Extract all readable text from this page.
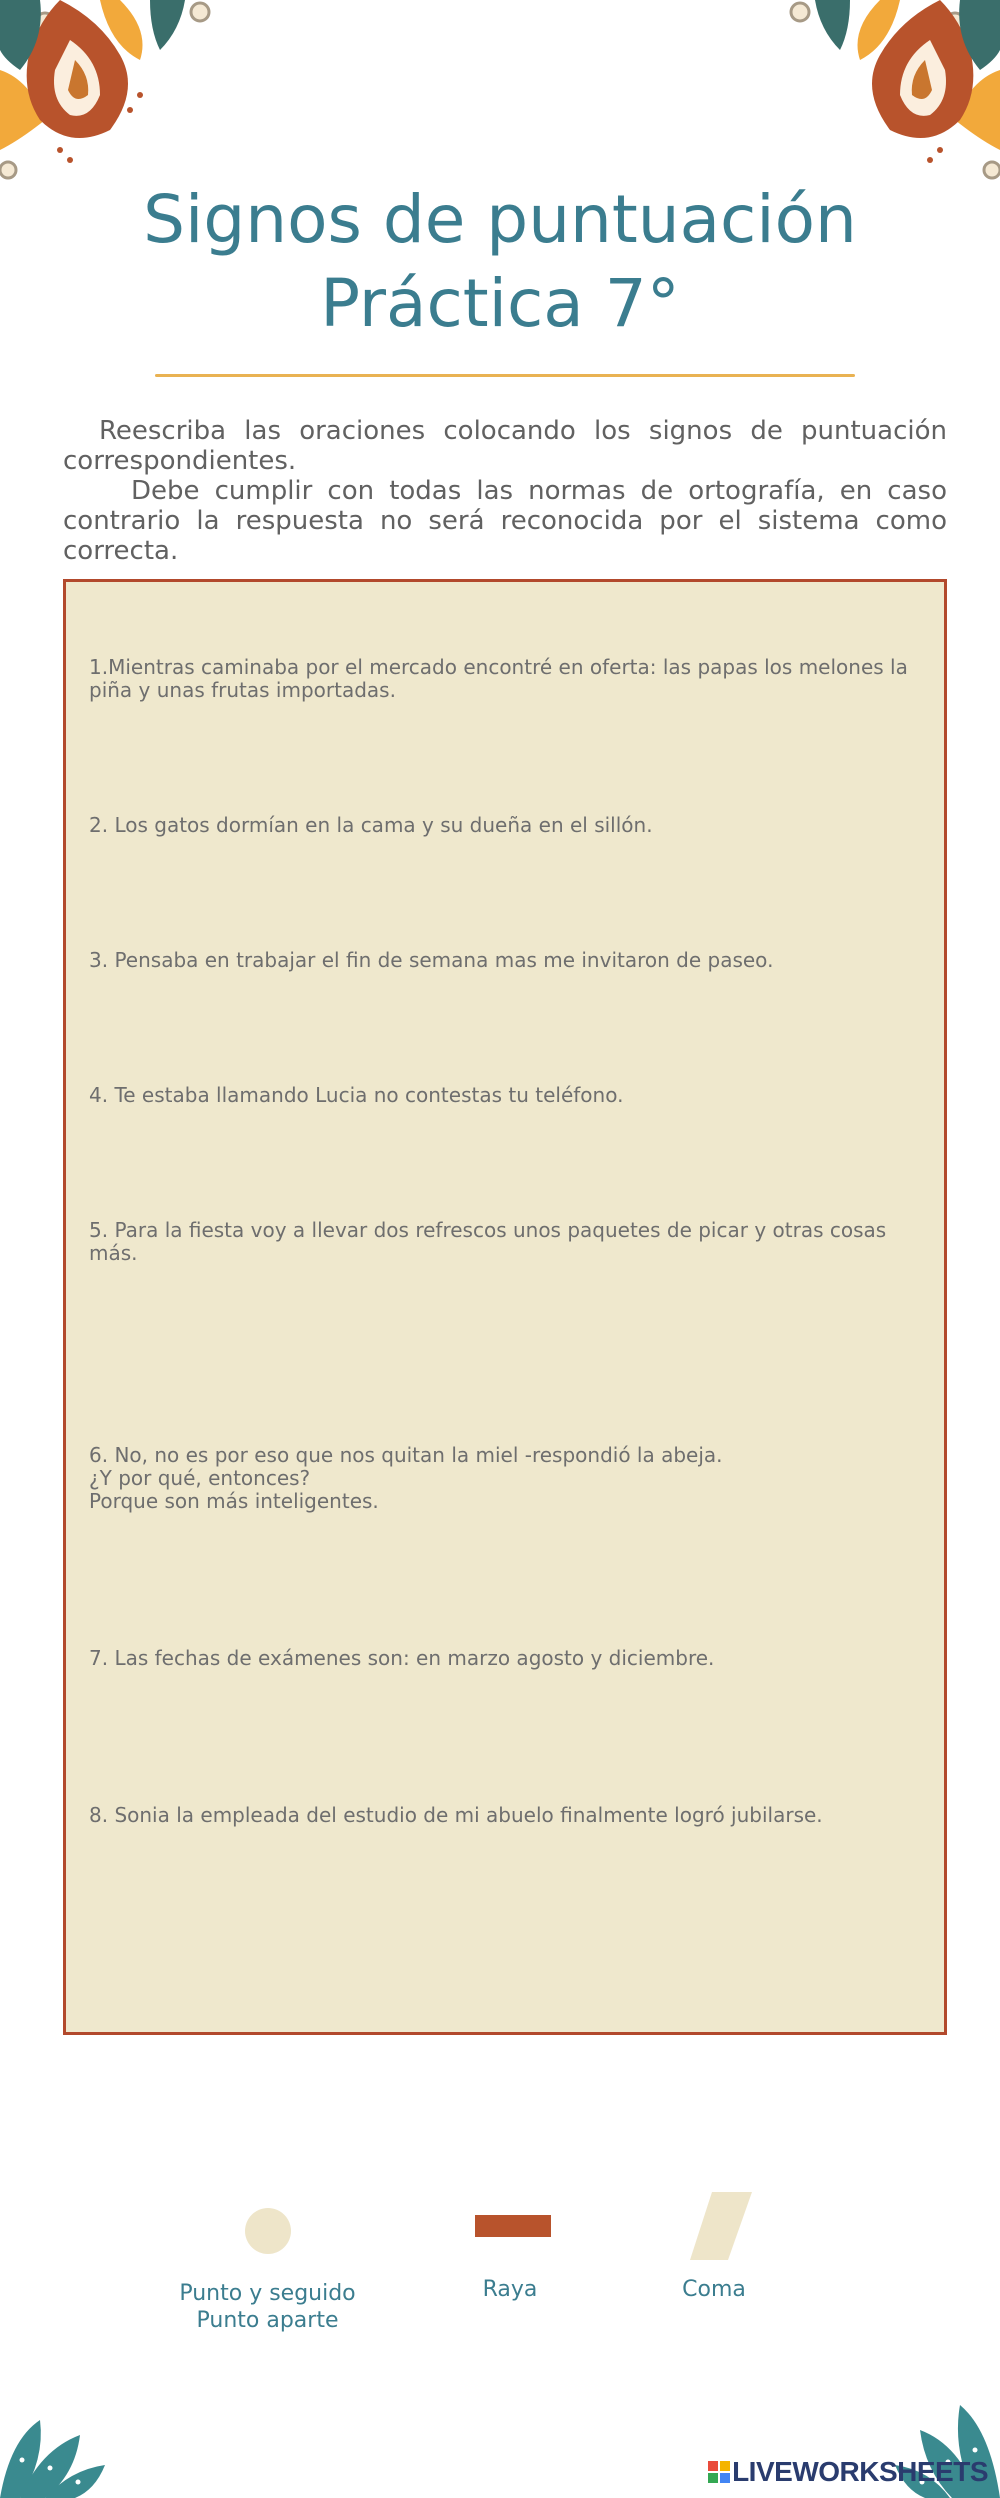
Signos de puntuación
Práctica 7°
Reescriba las oraciones colocando los signos de puntuación correspondientes.
Debe cumplir con todas las normas de ortografía, en caso contrario la respuesta no será reconocida por el sistema como correcta.
1.Mientras caminaba por el mercado encontré en oferta: las papas los melones la piña y unas frutas importadas.
2. Los gatos dormían en la cama y su dueña en el sillón.
3. Pensaba en trabajar el fin de semana mas me invitaron de paseo.
4. Te estaba llamando Lucia no contestas tu teléfono.
5. Para la fiesta voy a llevar dos refrescos unos paquetes de picar y otras cosas más.
6. No, no es por eso que nos quitan la miel -respondió la abeja.
¿Y por qué, entonces?
Porque son más inteligentes.
7. Las fechas de exámenes son: en marzo agosto y diciembre.
8. Sonia la empleada del estudio de mi abuelo finalmente logró jubilarse.
Punto y seguido
Punto aparte
Raya	Coma
LIVEWORKSHEETS
